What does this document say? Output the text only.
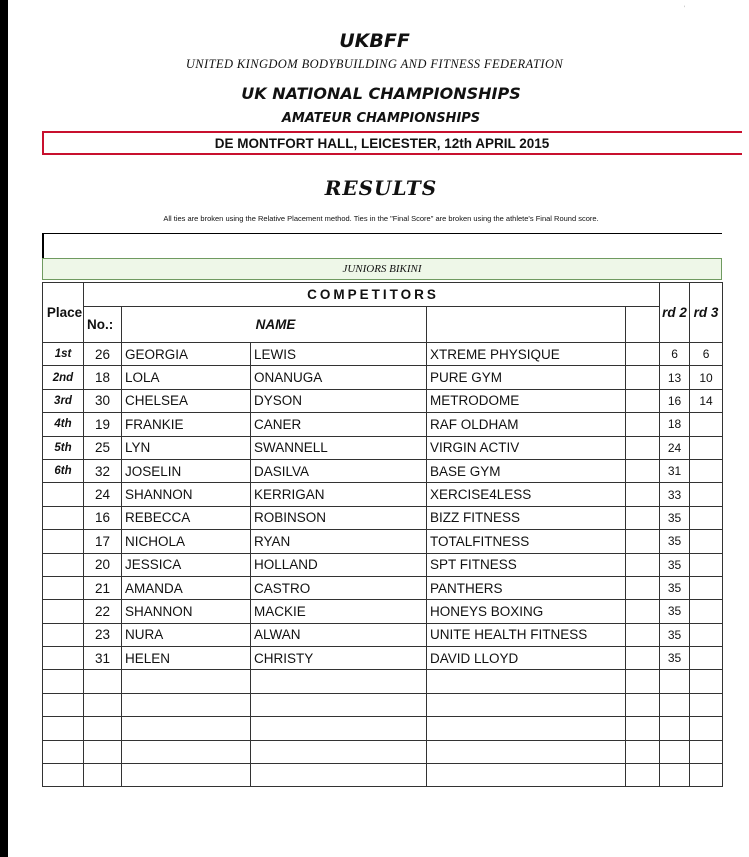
‘
UKBFF
UNITED KINGDOM BODYBUILDING AND FITNESS FEDERATION
UK NATIONAL CHAMPIONSHIPS
AMATEUR CHAMPIONSHIPS
DE MONTFORT HALL, LEICESTER, 12th APRIL 2015
RESULTS
All ties are broken using the Relative Placement method. Ties in the "Final Score" are broken using the athlete's Final Round score.
JUNIORS BIKINI
Place	COMPETITORS					rd 2	rd 3
	No.:	NAME					
1st	26	GEORGIA	LEWIS	XTREME PHYSIQUE		6	6
2nd	18	LOLA	ONANUGA	PURE GYM		13	10
3rd	30	CHELSEA	DYSON	METRODOME		16	14
4th	19	FRANKIE	CANER	RAF OLDHAM		18	
5th	25	LYN	SWANNELL	VIRGIN ACTIV		24	
6th	32	JOSELIN	DASILVA	BASE GYM		31	
	24	SHANNON	KERRIGAN	XERCISE4LESS		33	
	16	REBECCA	ROBINSON	BIZZ FITNESS		35	
	17	NICHOLA	RYAN	TOTALFITNESS		35	
	20	JESSICA	HOLLAND	SPT FITNESS		35	
	21	AMANDA	CASTRO	PANTHERS		35	
	22	SHANNON	MACKIE	HONEYS BOXING		35	
	23	NURA	ALWAN	UNITE HEALTH FITNESS		35	
	31	HELEN	CHRISTY	DAVID LLOYD		35	
